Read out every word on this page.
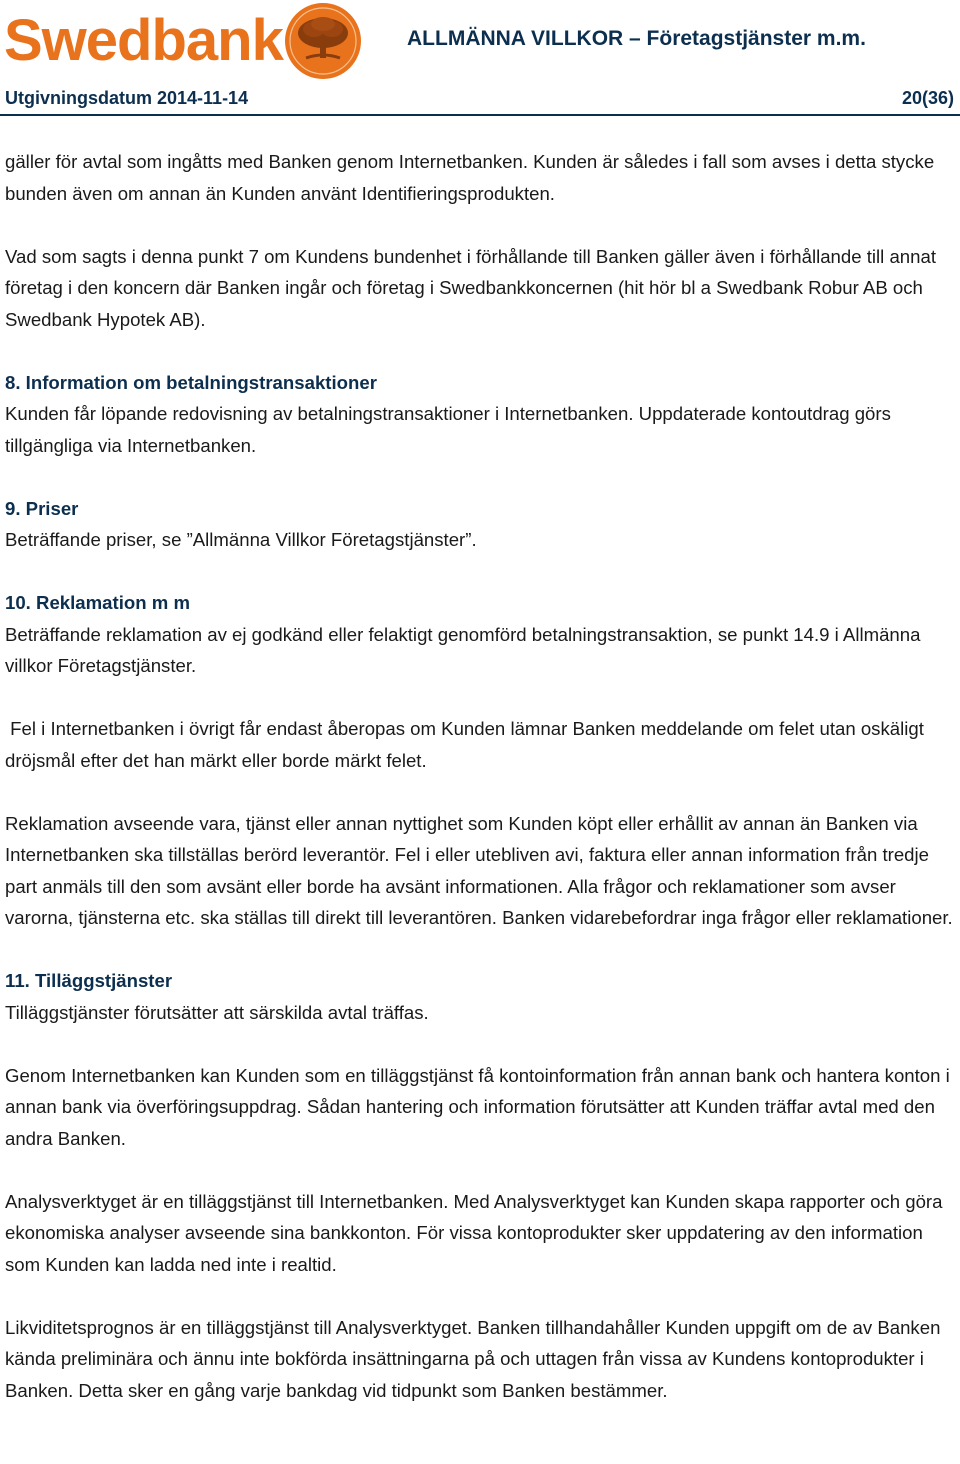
Swedbank	ALLMÄNNA VILLKOR – Företagstjänster m.m.
Utgivningsdatum 2014-11-14	20(36)

gäller för avtal som ingåtts med Banken genom Internetbanken. Kunden är således i fall som avses i detta stycke bunden även om annan än Kunden använt Identifieringsprodukten.

Vad som sagts i denna punkt 7 om Kundens bundenhet i förhållande till Banken gäller även i förhållande till annat företag i den koncern där Banken ingår och företag i Swedbankkoncernen (hit hör bl a Swedbank Robur AB och Swedbank Hypotek AB).

8. Information om betalningstransaktioner

Kunden får löpande redovisning av betalningstransaktioner i Internetbanken. Uppdaterade kontoutdrag görs tillgängliga via Internetbanken.

9. Priser

Beträffande priser, se ”Allmänna Villkor Företagstjänster”.

10. Reklamation m m

Beträffande reklamation av ej godkänd eller felaktigt genomförd betalningstransaktion, se punkt 14.9 i Allmänna villkor Företagstjänster.

Fel i Internetbanken i övrigt får endast åberopas om Kunden lämnar Banken meddelande om felet utan oskäligt dröjsmål efter det han märkt eller borde märkt felet.

Reklamation avseende vara, tjänst eller annan nyttighet som Kunden köpt eller erhållit av annan än Banken via Internetbanken ska tillställas berörd leverantör. Fel i eller utebliven avi, faktura eller annan information från tredje part anmäls till den som avsänt eller borde ha avsänt informationen. Alla frågor och reklamationer som avser varorna, tjänsterna etc. ska ställas till direkt till leverantören. Banken vidarebefordrar inga frågor eller reklamationer.

11. Tilläggstjänster

Tilläggstjänster förutsätter att särskilda avtal träffas.

Genom Internetbanken kan Kunden som en tilläggstjänst få kontoinformation från annan bank och hantera konton i annan bank via överföringsuppdrag. Sådan hantering och information förutsätter att Kunden träffar avtal med den andra Banken.

Analysverktyget är en tilläggstjänst till Internetbanken. Med Analysverktyget kan Kunden skapa rapporter och göra ekonomiska analyser avseende sina bankkonton. För vissa kontoprodukter sker uppdatering av den information som Kunden kan ladda ned inte i realtid.

Likviditetsprognos är en tilläggstjänst till Analysverktyget. Banken tillhandahåller Kunden uppgift om de av Banken kända preliminära och ännu inte bokförda insättningarna på och uttagen från vissa av Kundens kontoprodukter i Banken. Detta sker en gång varje bankdag vid tidpunkt som Banken bestämmer.
